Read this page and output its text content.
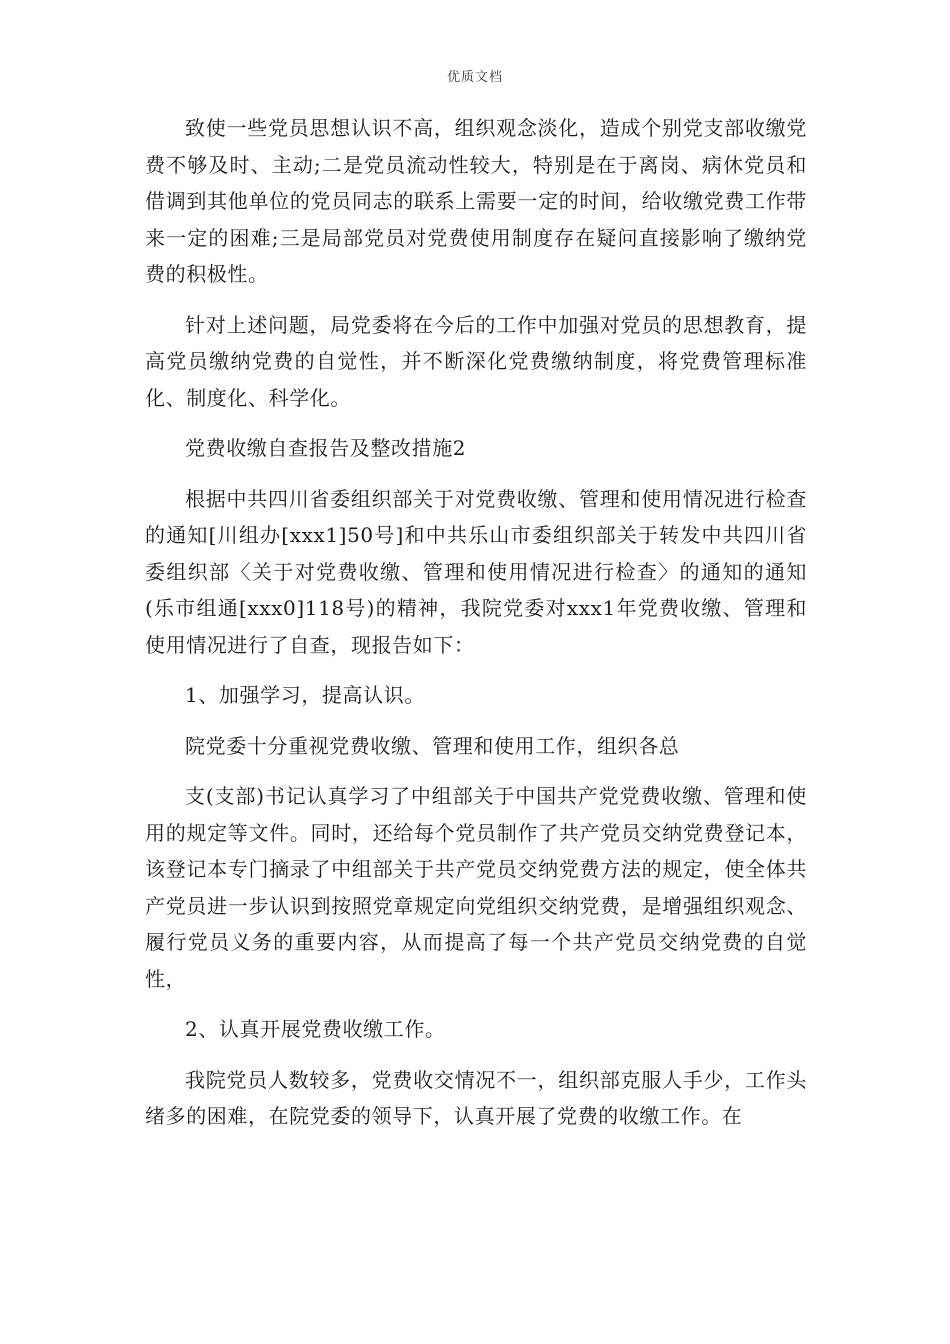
优质文档

致使一些党员思想认识不高，组织观念淡化，造成个别党支部收缴党费不够及时、主动;二是党员流动性较大，特别是在于离岗、病休党员和借调到其他单位的党员同志的联系上需要一定的时间，给收缴党费工作带来一定的困难;三是局部党员对党费使用制度存在疑问直接影响了缴纳党费的积极性。

针对上述问题，局党委将在今后的工作中加强对党员的思想教育，提高党员缴纳党费的自觉性，并不断深化党费缴纳制度，将党费管理标准化、制度化、科学化。

党费收缴自查报告及整改措施2

根据中共四川省委组织部关于对党费收缴、管理和使用情况进行检查的通知[川组办[xxx1]50号]和中共乐山市委组织部关于转发中共四川省委组织部〈关于对党费收缴、管理和使用情况进行检查〉的通知的通知(乐市组通[xxx0]118号)的精神，我院党委对xxx1年党费收缴、管理和使用情况进行了自查，现报告如下：

1、加强学习，提高认识。

院党委十分重视党费收缴、管理和使用工作，组织各总

支(支部)书记认真学习了中组部关于中国共产党党费收缴、管理和使用的规定等文件。同时，还给每个党员制作了共产党员交纳党费登记本，该登记本专门摘录了中组部关于共产党员交纳党费方法的规定，使全体共产党员进一步认识到按照党章规定向党组织交纳党费，是增强组织观念、履行党员义务的重要内容，从而提高了每一个共产党员交纳党费的自觉性，

2、认真开展党费收缴工作。

我院党员人数较多，党费收交情况不一，组织部克服人手少，工作头绪多的困难，在院党委的领导下，认真开展了党费的收缴工作。在
